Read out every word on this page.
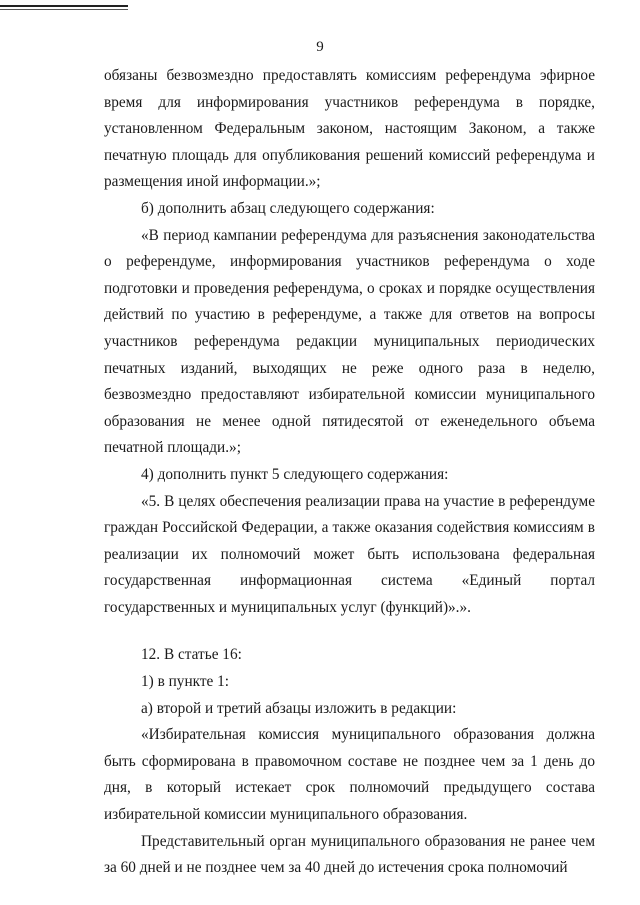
9

обязаны безвозмездно предоставлять комиссиям референдума эфирное время для информирования участников референдума в порядке, установленном Федеральным законом, настоящим Законом, а также печатную площадь для опубликования решений комиссий референдума и размещения иной информации.»;

б) дополнить абзац следующего содержания:

«В период кампании референдума для разъяснения законодательства о референдуме, информирования участников референдума о ходе подготовки и проведения референдума, о сроках и порядке осуществления действий по участию в референдуме, а также для ответов на вопросы участников референдума редакции муниципальных периодических печатных изданий, выходящих не реже одного раза в неделю, безвозмездно предоставляют избирательной комиссии муниципального образования не менее одной пятидесятой от еженедельного объема печатной площади.»;

4) дополнить пункт 5 следующего содержания:

«5. В целях обеспечения реализации права на участие в референдуме граждан Российской Федерации, а также оказания содействия комиссиям в реализации их полномочий может быть использована федеральная государственная информационная система «Единый портал государственных и муниципальных услуг (функций)».».

12. В статье 16:

1) в пункте 1:

а) второй и третий абзацы изложить в редакции:

«Избирательная комиссия муниципального образования должна быть сформирована в правомочном составе не позднее чем за 1 день до дня, в который истекает срок полномочий предыдущего состава избирательной комиссии муниципального образования.

Представительный орган муниципального образования не ранее чем за 60 дней и не позднее чем за 40 дней до истечения срока полномочий
